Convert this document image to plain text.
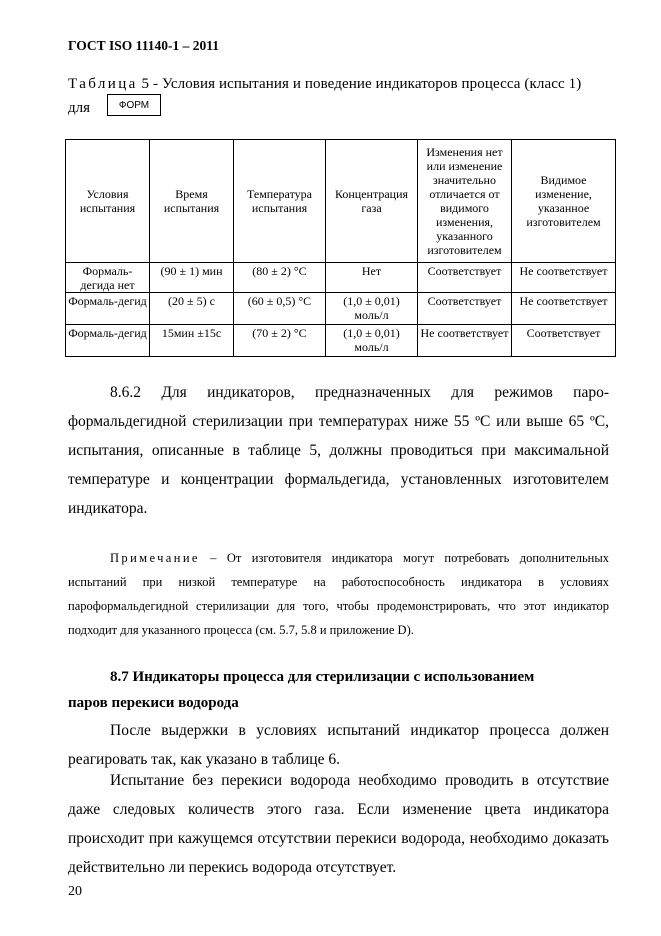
ГОСТ ISO 11140-1 – 2011
Таблица 5 - Условия испытания и поведение индикаторов процесса (класс 1)
для	ФОРМ
Условия испытания	Время испытания	Температура испытания	Концентрация газа	Изменения нет или изменение значительно отличается от видимого изменения, указанного изготовителем	Видимое изменение, указанное изготовителем
Формаль-дегида нет	(90 ± 1) мин	(80 ± 2) °С	Нет	Соответствует	Не соответствует
Формаль-дегид	(20 ± 5) с	(60 ± 0,5) °С	(1,0 ± 0,01) моль/л	Соответствует	Не соответствует
Формаль-дегид	15мин ±15с	(70 ± 2) °С	(1,0 ± 0,01) моль/л	Не соответствует	Соответствует
8.6.2 Для индикаторов, предназначенных для режимов паро-формальдегидной стерилизации при температурах ниже 55 ºС или выше 65 ºС, испытания, описанные в таблице 5, должны проводиться при максимальной температуре и концентрации формальдегида, установленных изготовителем индикатора.
Примечание – От изготовителя индикатора могут потребовать дополнительных испытаний при низкой температуре на работоспособность индикатора в условиях пароформальдегидной стерилизации для того, чтобы продемонстрировать, что этот индикатор подходит для указанного процесса (см. 5.7, 5.8 и приложение D).
8.7 Индикаторы процесса для стерилизации с использованием
паров перекиси водорода
После выдержки в условиях испытаний индикатор процесса должен реагировать так, как указано в таблице 6.
Испытание без перекиси водорода необходимо проводить в отсутствие даже следовых количеств этого газа. Если изменение цвета индикатора происходит при кажущемся отсутствии перекиси водорода, необходимо доказать действительно ли перекись водорода отсутствует.
20
